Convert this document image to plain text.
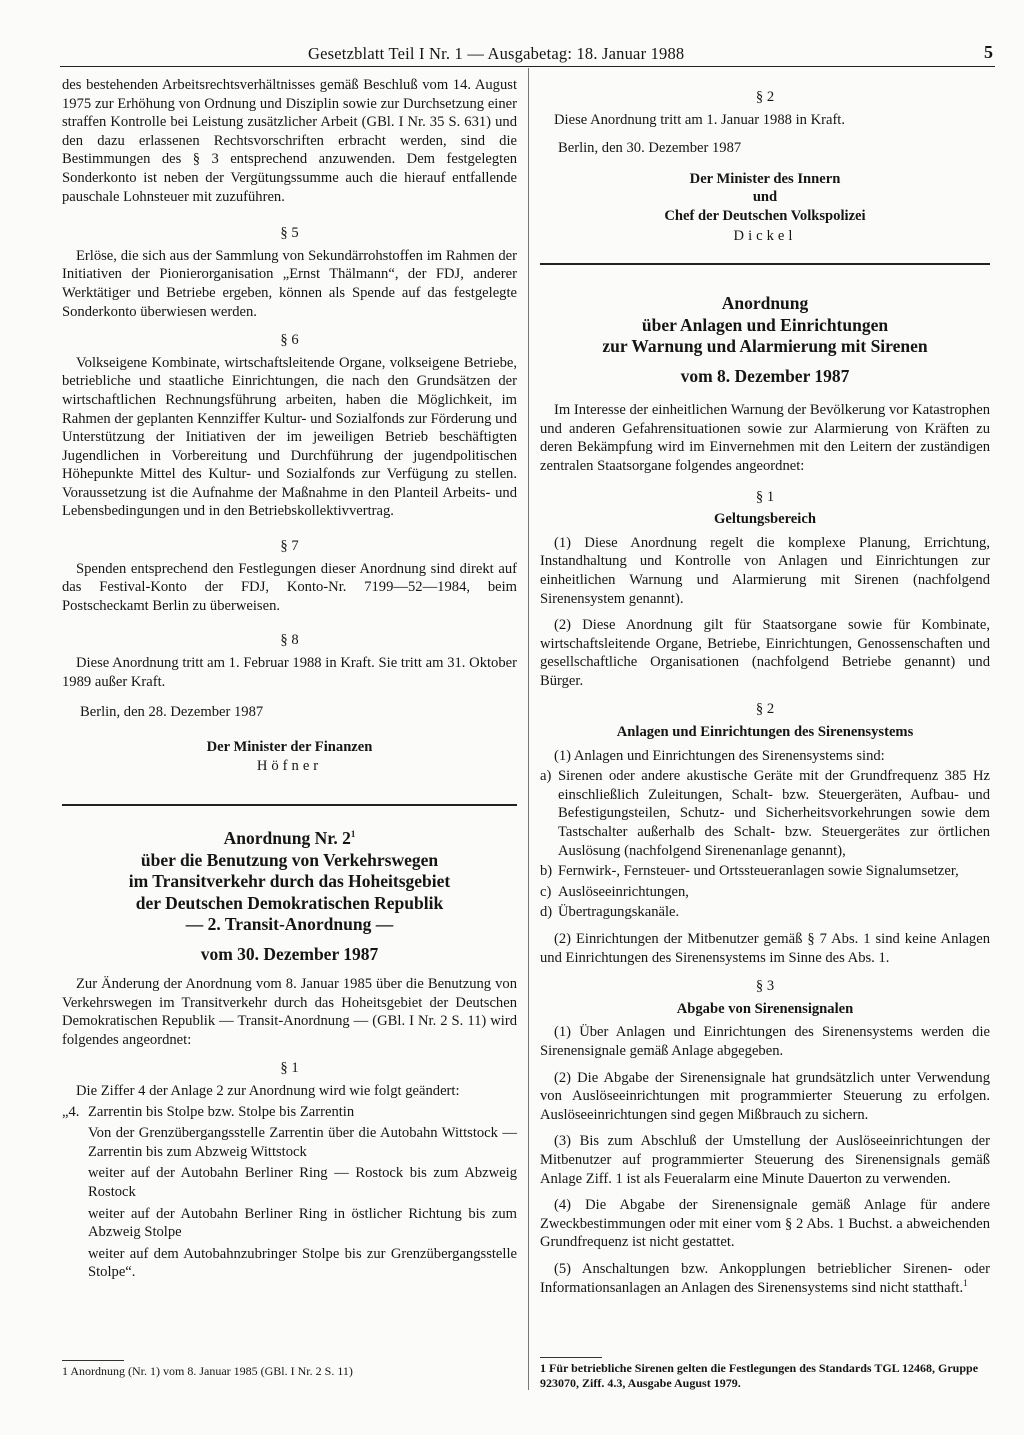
Gesetzblatt Teil I Nr. 1 — Ausgabetag: 18. Januar 1988	5

des bestehenden Arbeitsrechtsverhältnisses gemäß Beschluß vom 14. August 1975 zur Erhöhung von Ordnung und Disziplin sowie zur Durchsetzung einer straffen Kontrolle bei Leistung zusätzlicher Arbeit (GBl. I Nr. 35 S. 631) und den dazu erlassenen Rechtsvorschriften erbracht werden, sind die Bestimmungen des § 3 entsprechend anzuwenden. Dem festgelegten Sonderkonto ist neben der Vergütungssumme auch die hierauf entfallende pauschale Lohnsteuer mit zuzuführen.

§ 5

Erlöse, die sich aus der Sammlung von Sekundärrohstoffen im Rahmen der Initiativen der Pionierorganisation „Ernst Thälmann“, der FDJ, anderer Werktätiger und Betriebe ergeben, können als Spende auf das festgelegte Sonderkonto überwiesen werden.

§ 6

Volkseigene Kombinate, wirtschaftsleitende Organe, volkseigene Betriebe, betriebliche und staatliche Einrichtungen, die nach den Grundsätzen der wirtschaftlichen Rechnungsführung arbeiten, haben die Möglichkeit, im Rahmen der geplanten Kennziffer Kultur- und Sozialfonds zur Förderung und Unterstützung der Initiativen der im jeweiligen Betrieb beschäftigten Jugendlichen in Vorbereitung und Durchführung der jugendpolitischen Höhepunkte Mittel des Kultur- und Sozialfonds zur Verfügung zu stellen. Voraussetzung ist die Aufnahme der Maßnahme in den Planteil Arbeits- und Lebensbedingungen und in den Betriebskollektivvertrag.

§ 7

Spenden entsprechend den Festlegungen dieser Anordnung sind direkt auf das Festival-Konto der FDJ, Konto-Nr. 7199—52—1984, beim Postscheckamt Berlin zu überweisen.

§ 8

Diese Anordnung tritt am 1. Februar 1988 in Kraft. Sie tritt am 31. Oktober 1989 außer Kraft.

Berlin, den 28. Dezember 1987
Der Minister der Finanzen
Höfner
Anordnung Nr. $2^1$
über die Benutzung von Verkehrswegen
im Transitverkehr durch das Hoheitsgebiet
der Deutschen Demokratischen Republik
— 2. Transit-Anordnung —
vom 30. Dezember 1987

Zur Änderung der Anordnung vom 8. Januar 1985 über die Benutzung von Verkehrswegen im Transitverkehr durch das Hoheitsgebiet der Deutschen Demokratischen Republik — Transit-Anordnung — (GBl. I Nr. 2 S. 11) wird folgendes angeordnet:

§ 1

Die Ziffer 4 der Anlage 2 zur Anordnung wird wie folgt geändert:

„4. Zarrentin bis Stolpe bzw. Stolpe bis Zarrentin
Von der Grenzübergangsstelle Zarrentin über die Autobahn Wittstock — Zarrentin bis zum Abzweig Wittstock
weiter auf der Autobahn Berliner Ring — Rostock bis zum Abzweig Rostock
weiter auf der Autobahn Berliner Ring in östlicher Richtung bis zum Abzweig Stolpe
weiter auf dem Autobahnzubringer Stolpe bis zur Grenzübergangsstelle Stolpe“.
1 Anordnung (Nr. 1) vom 8. Januar 1985 (GBl. I Nr. 2 S. 11)
§ 2

Diese Anordnung tritt am 1. Januar 1988 in Kraft.

Berlin, den 30. Dezember 1987
Der Minister des Innern
und
Chef der Deutschen Volkspolizei
Dickel
Anordnung
über Anlagen und Einrichtungen
zur Warnung und Alarmierung mit Sirenen
vom 8. Dezember 1987

Im Interesse der einheitlichen Warnung der Bevölkerung vor Katastrophen und anderen Gefahrensituationen sowie zur Alarmierung von Kräften zu deren Bekämpfung wird im Einvernehmen mit den Leitern der zuständigen zentralen Staatsorgane folgendes angeordnet:

§ 1
Geltungsbereich

(1) Diese Anordnung regelt die komplexe Planung, Errichtung, Instandhaltung und Kontrolle von Anlagen und Einrichtungen zur einheitlichen Warnung und Alarmierung mit Sirenen (nachfolgend Sirenensystem genannt).

(2) Diese Anordnung gilt für Staatsorgane sowie für Kombinate, wirtschaftsleitende Organe, Betriebe, Einrichtungen, Genossenschaften und gesellschaftliche Organisationen (nachfolgend Betriebe genannt) und Bürger.

§ 2
Anlagen und Einrichtungen des Sirenensystems

(1) Anlagen und Einrichtungen des Sirenensystems sind:

a) Sirenen oder andere akustische Geräte mit der Grundfrequenz 385 Hz einschließlich Zuleitungen, Schalt- bzw. Steuergeräten, Aufbau- und Befestigungsteilen, Schutz- und Sicherheitsvorkehrungen sowie dem Tastschalter außerhalb des Schalt- bzw. Steuergerätes zur örtlichen Auslösung (nachfolgend Sirenenanlage genannt),
b) Fernwirk-, Fernsteuer- und Ortssteueranlagen sowie Signalumsetzer,
c) Auslöseeinrichtungen,
d) Übertragungskanäle.

(2) Einrichtungen der Mitbenutzer gemäß § 7 Abs. 1 sind keine Anlagen und Einrichtungen des Sirenensystems im Sinne des Abs. 1.

§ 3
Abgabe von Sirenensignalen

(1) Über Anlagen und Einrichtungen des Sirenensystems werden die Sirenensignale gemäß Anlage abgegeben.

(2) Die Abgabe der Sirenensignale hat grundsätzlich unter Verwendung von Auslöseeinrichtungen mit programmierter Steuerung zu erfolgen. Auslöseeinrichtungen sind gegen Mißbrauch zu sichern.

(3) Bis zum Abschluß der Umstellung der Auslöseeinrichtungen der Mitbenutzer auf programmierter Steuerung des Sirenensignals gemäß Anlage Ziff. 1 ist als Feueralarm eine Minute Dauerton zu verwenden.

(4) Die Abgabe der Sirenensignale gemäß Anlage für andere Zweckbestimmungen oder mit einer vom § 2 Abs. 1 Buchst. a abweichenden Grundfrequenz ist nicht gestattet.

(5) Anschaltungen bzw. Ankopplungen betrieblicher Sirenen- oder Informationsanlagen an Anlagen des Sirenensystems sind nicht statthaft.$^1$

1 Für betriebliche Sirenen gelten die Festlegungen des Standards TGL 12468, Gruppe 923070, Ziff. 4.3, Ausgabe August 1979.
